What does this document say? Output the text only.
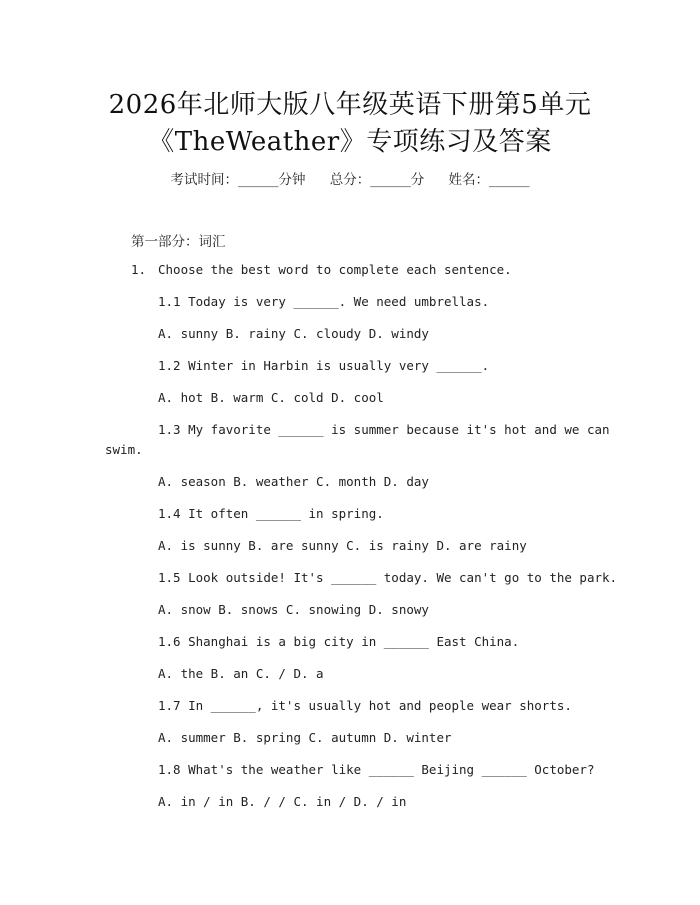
2026年北师大版八年级英语下册第5单元
《TheWeather》专项练习及答案
考试时间：______分钟 总分：______分 姓名：______
第一部分：词汇
1. Choose the best word to complete each sentence.
1.1 Today is very ______. We need umbrellas.
A. sunny B. rainy C. cloudy D. windy
1.2 Winter in Harbin is usually very ______.
A. hot B. warm C. cold D. cool
1.3 My favorite ______ is summer because it's hot and we can
swim.
A. season B. weather C. month D. day
1.4 It often ______ in spring.
A. is sunny B. are sunny C. is rainy D. are rainy
1.5 Look outside! It's ______ today. We can't go to the park.
A. snow B. snows C. snowing D. snowy
1.6 Shanghai is a big city in ______ East China.
A. the B. an C. / D. a
1.7 In ______, it's usually hot and people wear shorts.
A. summer B. spring C. autumn D. winter
1.8 What's the weather like ______ Beijing ______ October?
A. in / in B. / / C. in / D. / in
